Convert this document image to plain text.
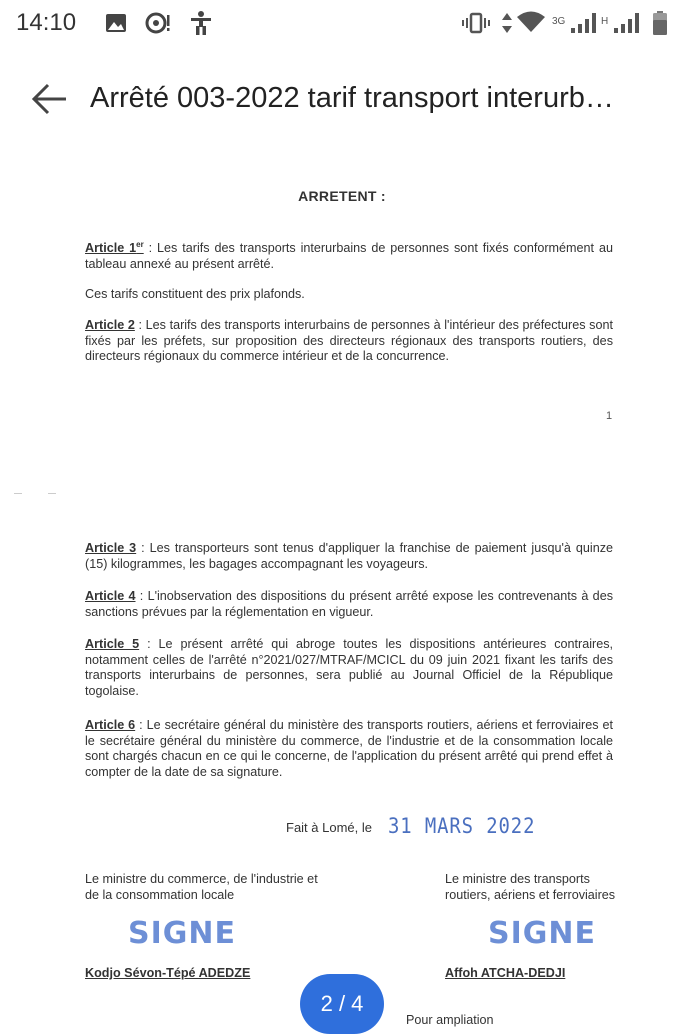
14:10	3G	H
Arrêté 003-2022 tarif transport interurb…
ARRETENT :
Article 1er : Les tarifs des transports interurbains de personnes sont fixés conformément au tableau annexé au présent arrêté.
Ces tarifs constituent des prix plafonds.
Article 2 : Les tarifs des transports interurbains de personnes à l'intérieur des préfectures sont fixés par les préfets, sur proposition des directeurs régionaux des transports routiers, des directeurs régionaux du commerce intérieur et de la concurrence.
1
Article 3 : Les transporteurs sont tenus d'appliquer la franchise de paiement jusqu'à quinze (15) kilogrammes, les bagages accompagnant les voyageurs.
Article 4 : L'inobservation des dispositions du présent arrêté expose les contrevenants à des sanctions prévues par la réglementation en vigueur.
Article 5 : Le présent arrêté qui abroge toutes les dispositions antérieures contraires, notamment celles de l'arrêté n°2021/027/MTRAF/MCICL du 09 juin 2021 fixant les tarifs des transports interurbains de personnes, sera publié au Journal Officiel de la République togolaise.
Article 6 : Le secrétaire général du ministère des transports routiers, aériens et ferroviaires et le secrétaire général du ministère du commerce, de l'industrie et de la consommation locale sont chargés chacun en ce qui le concerne, de l'application du présent arrêté qui prend effet à compter de la date de sa signature.
Fait à Lomé, le 31 MARS 2022
Le ministre du commerce, de l'industrie et de la consommation locale
Le ministre des transports routiers, aériens et ferroviaires
SIGNE	SIGNE
Kodjo Sévon-Tépé ADEDZE	Affoh ATCHA-DEDJI
Pour ampliation
2 / 4
